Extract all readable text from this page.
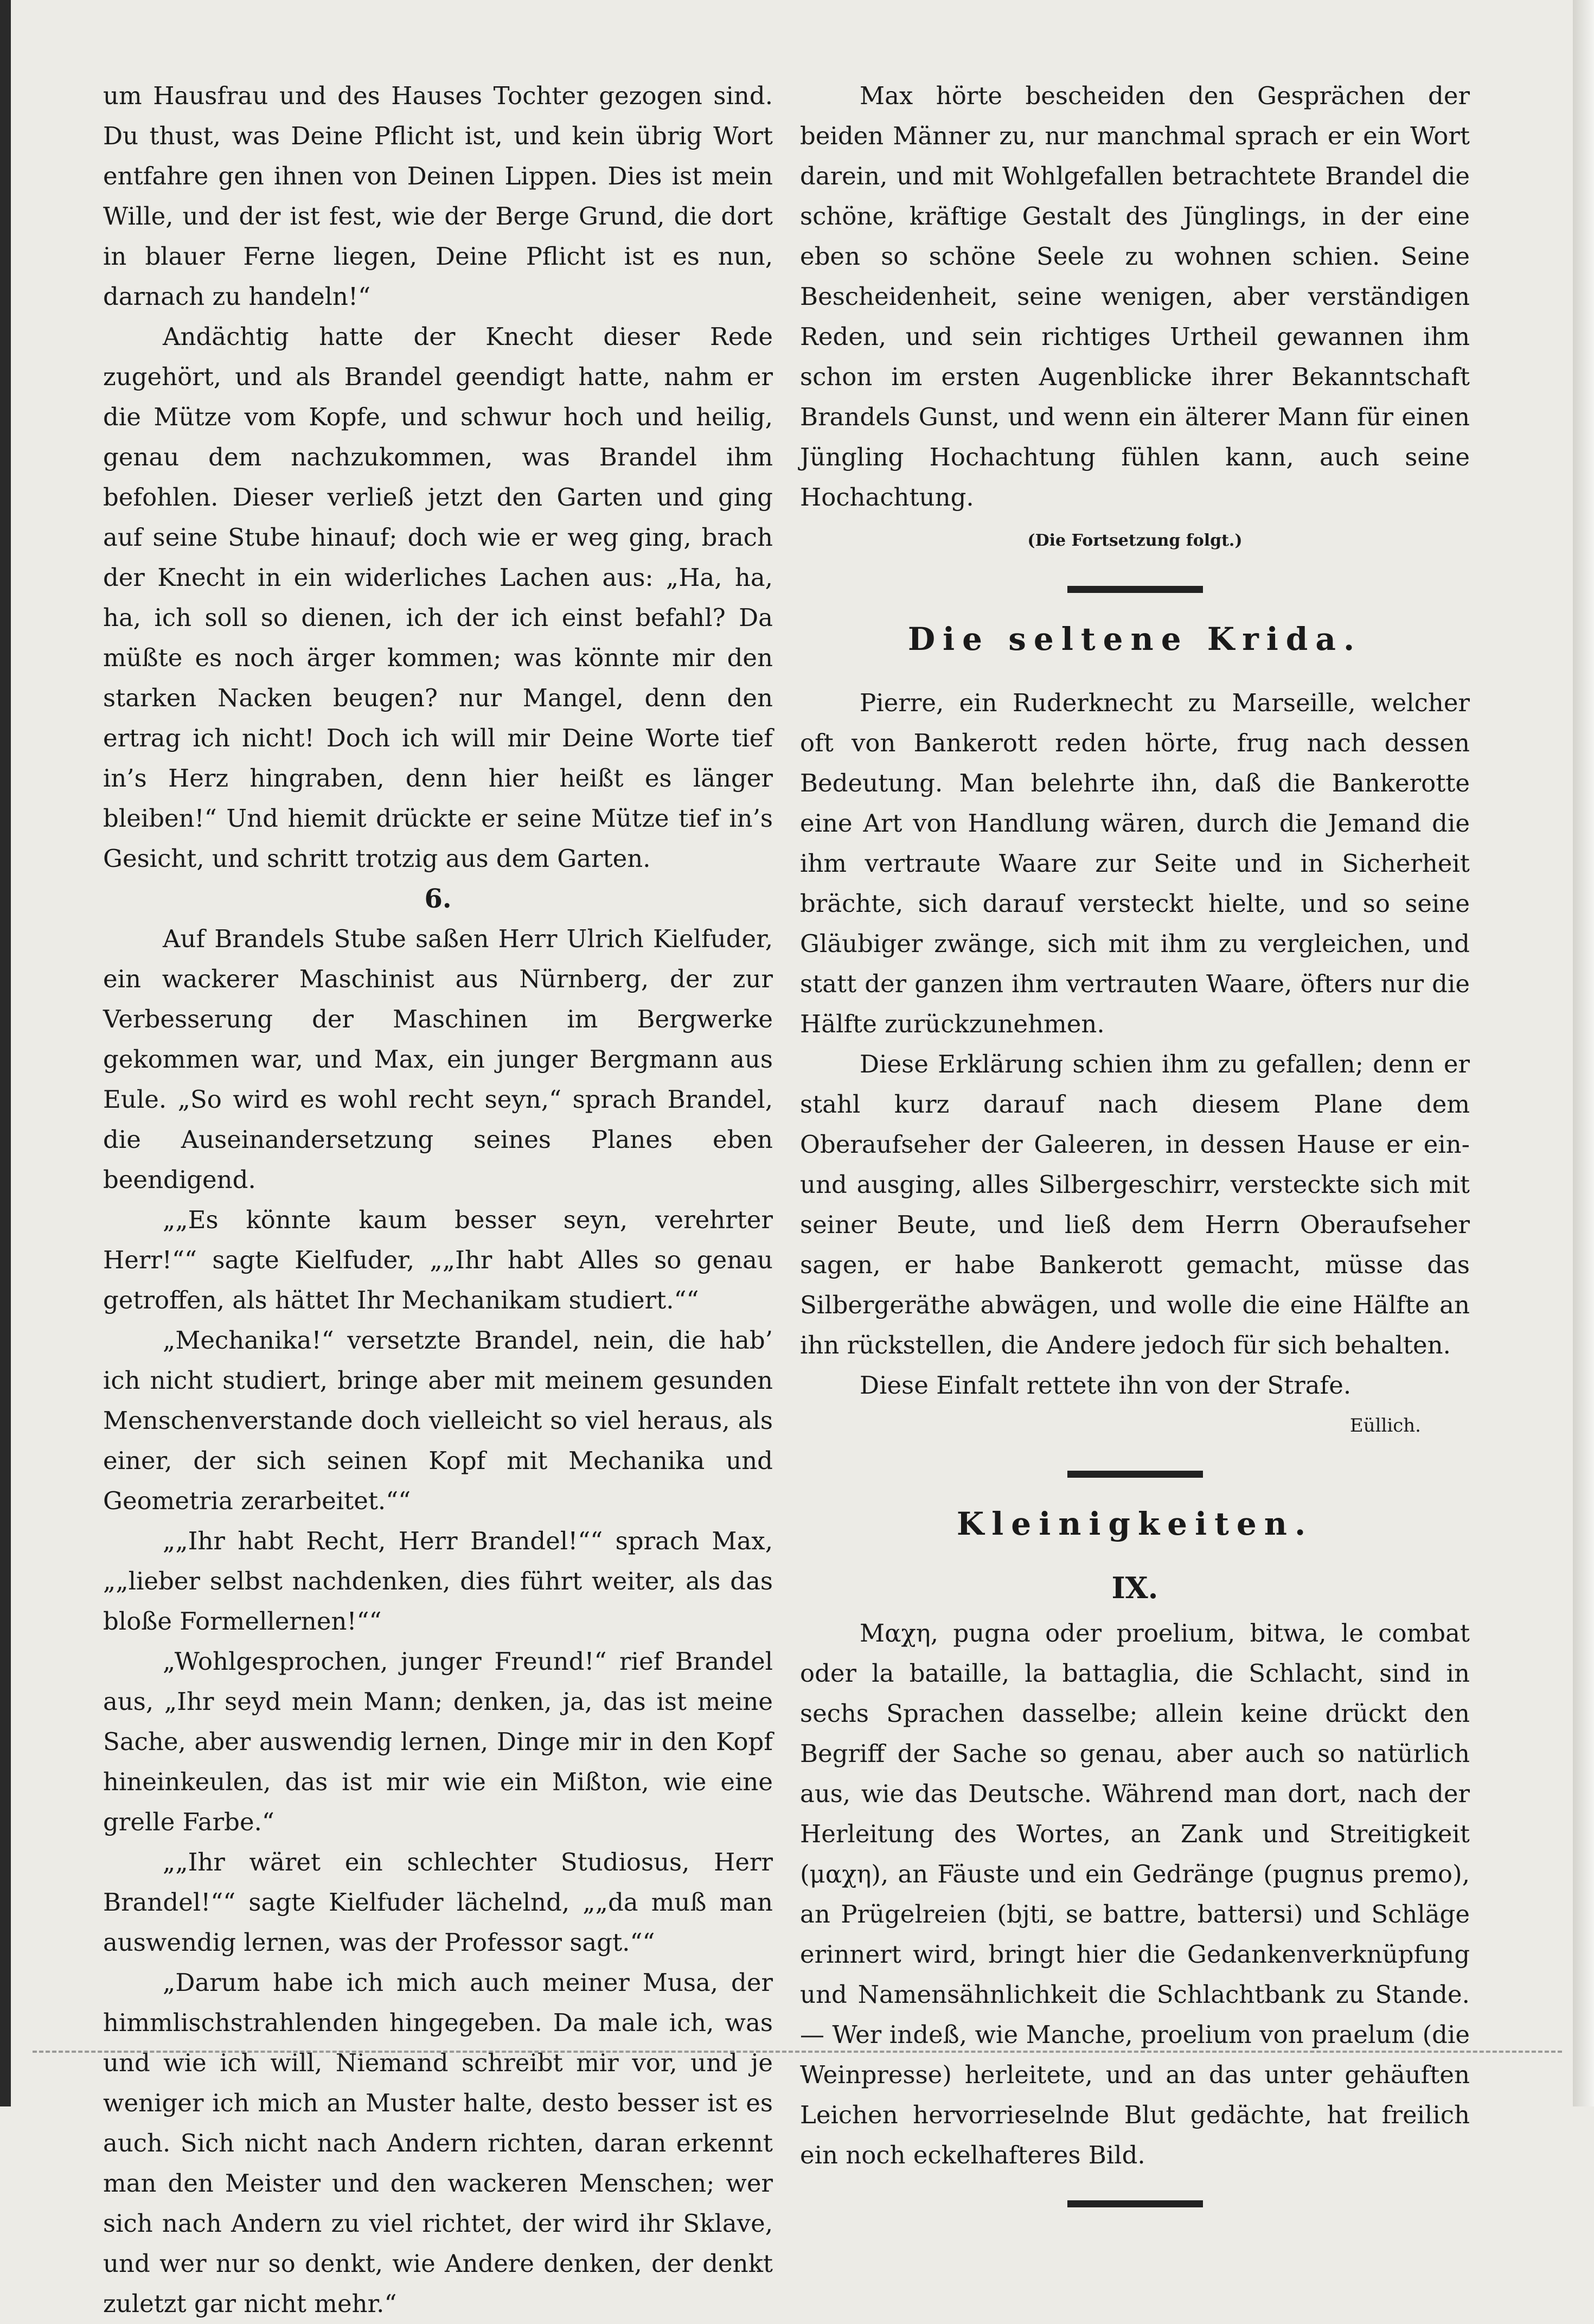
um Hausfrau und des Hauses Tochter gezogen sind. Du thust, was Deine Pflicht ist, und kein übrig Wort entfahre gen ihnen von Deinen Lippen. Dies ist mein Wille, und der ist fest, wie der Berge Grund, die dort in blauer Ferne liegen, Deine Pflicht ist es nun, darnach zu handeln!“

Andächtig hatte der Knecht dieser Rede zugehört, und als Brandel geendigt hatte, nahm er die Mütze vom Kopfe, und schwur hoch und heilig, genau dem nachzukommen, was Brandel ihm befohlen. Dieser verließ jetzt den Garten und ging auf seine Stube hinauf; doch wie er weg ging, brach der Knecht in ein widerliches Lachen aus: „Ha, ha, ha, ich soll so dienen, ich der ich einst befahl? Da müßte es noch ärger kommen; was könnte mir den starken Nacken beugen? nur Mangel, denn den ertrag ich nicht! Doch ich will mir Deine Worte tief in’s Herz hingraben, denn hier heißt es länger bleiben!“ Und hiemit drückte er seine Mütze tief in’s Gesicht, und schritt trotzig aus dem Garten.

6.

Auf Brandels Stube saßen Herr Ulrich Kielfuder, ein wackerer Maschinist aus Nürnberg, der zur Verbesserung der Maschinen im Bergwerke gekommen war, und Max, ein junger Bergmann aus Eule. „So wird es wohl recht seyn,“ sprach Brandel, die Auseinandersetzung seines Planes eben beendigend.

„„Es könnte kaum besser seyn, verehrter Herr!““ sagte Kielfuder, „„Ihr habt Alles so genau getroffen, als hättet Ihr Mechanikam studiert.““

„Mechanika!“ versetzte Brandel, nein, die hab’ ich nicht studiert, bringe aber mit meinem gesunden Menschenverstande doch vielleicht so viel heraus, als einer, der sich seinen Kopf mit Mechanika und Geometria zerarbeitet.““

„„Ihr habt Recht, Herr Brandel!““ sprach Max, „„lieber selbst nachdenken, dies führt weiter, als das bloße Formellernen!““

„Wohlgesprochen, junger Freund!“ rief Brandel aus, „Ihr seyd mein Mann; denken, ja, das ist meine Sache, aber auswendig lernen, Dinge mir in den Kopf hineinkeulen, das ist mir wie ein Mißton, wie eine grelle Farbe.“

„„Ihr wäret ein schlechter Studiosus, Herr Brandel!““ sagte Kielfuder lächelnd, „„da muß man auswendig lernen, was der Professor sagt.““

„Darum habe ich mich auch meiner Musa, der himmlischstrahlenden hingegeben. Da male ich, was und wie ich will, Niemand schreibt mir vor, und je weniger ich mich an Muster halte, desto besser ist es auch. Sich nicht nach Andern richten, daran erkennt man den Meister und den wackeren Menschen; wer sich nach Andern zu viel richtet, der wird ihr Sklave, und wer nur so denkt, wie Andere denken, der denkt zuletzt gar nicht mehr.“

Max hörte bescheiden den Gesprächen der beiden Männer zu, nur manchmal sprach er ein Wort darein, und mit Wohlgefallen betrachtete Brandel die schöne, kräftige Gestalt des Jünglings, in der eine eben so schöne Seele zu wohnen schien. Seine Bescheidenheit, seine wenigen, aber verständigen Reden, und sein richtiges Urtheil gewannen ihm schon im ersten Augenblicke ihrer Bekanntschaft Brandels Gunst, und wenn ein älterer Mann für einen Jüngling Hochachtung fühlen kann, auch seine Hochachtung.

(Die Fortsetzung folgt.)

Die seltene Krida.

Pierre, ein Ruderknecht zu Marseille, welcher oft von Bankerott reden hörte, frug nach dessen Bedeutung. Man belehrte ihn, daß die Bankerotte eine Art von Handlung wären, durch die Jemand die ihm vertraute Waare zur Seite und in Sicherheit brächte, sich darauf versteckt hielte, und so seine Gläubiger zwänge, sich mit ihm zu vergleichen, und statt der ganzen ihm vertrauten Waare, öfters nur die Hälfte zurückzunehmen.

Diese Erklärung schien ihm zu gefallen; denn er stahl kurz darauf nach diesem Plane dem Oberaufseher der Galeeren, in dessen Hause er ein- und ausging, alles Silbergeschirr, versteckte sich mit seiner Beute, und ließ dem Herrn Oberaufseher sagen, er habe Bankerott gemacht, müsse das Silbergeräthe abwägen, und wolle die eine Hälfte an ihn rückstellen, die Andere jedoch für sich behalten.

Diese Einfalt rettete ihn von der Strafe.

Eüllich.

Kleinigkeiten.

IX.

Μαχη, pugna oder proelium, bitwa, le combat oder la bataille, la battaglia, die Schlacht, sind in sechs Sprachen dasselbe; allein keine drückt den Begriff der Sache so genau, aber auch so natürlich aus, wie das Deutsche. Während man dort, nach der Herleitung des Wortes, an Zank und Streitigkeit (μαχη), an Fäuste und ein Gedränge (pugnus premo), an Prügelreien (bjti, se battre, battersi) und Schläge erinnert wird, bringt hier die Gedankenverknüpfung und Namensähnlichkeit die Schlachtbank zu Stande. — Wer indeß, wie Manche, proelium von praelum (die Weinpresse) herleitete, und an das unter gehäuften Leichen hervorrieselnde Blut gedächte, hat freilich ein noch eckelhafteres Bild.
